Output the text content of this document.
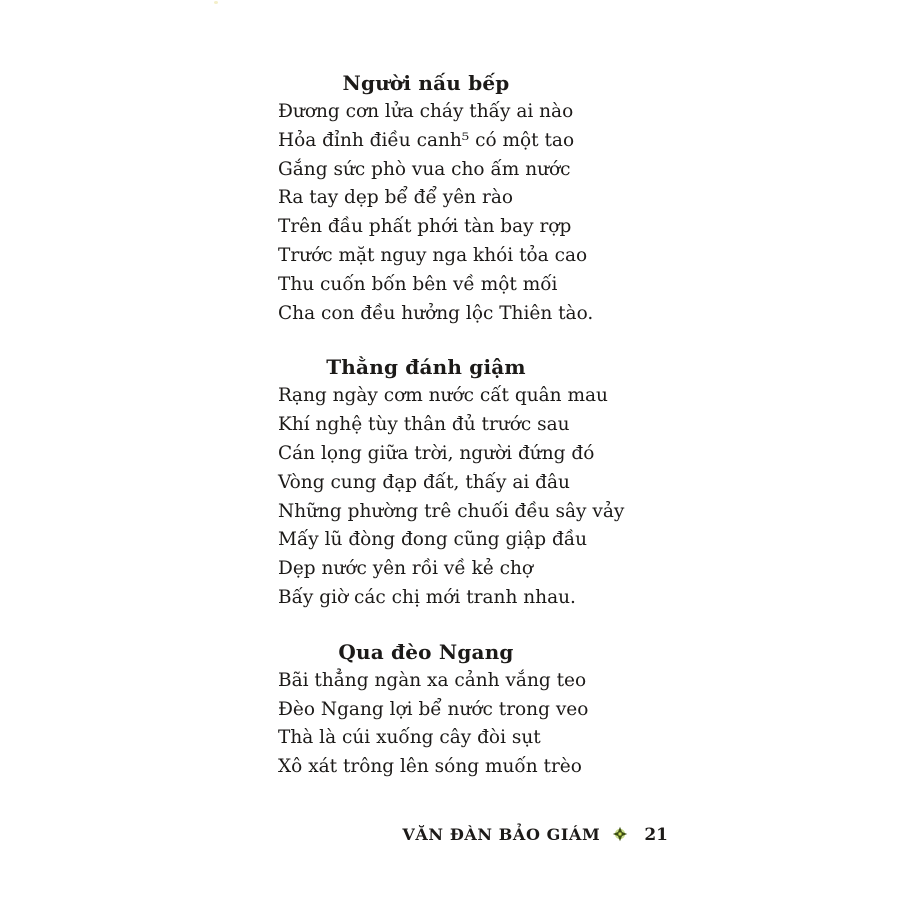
Người nấu bếp

Đương cơn lửa cháy thấy ai nào

Hỏa đỉnh điều canh⁵ có một tao

Gắng sức phò vua cho ấm nước

Ra tay dẹp bể để yên rào

Trên đầu phất phới tàn bay rợp

Trước mặt nguy nga khói tỏa cao

Thu cuốn bốn bên về một mối

Cha con đều hưởng lộc Thiên tào.

Thằng đánh giậm

Rạng ngày cơm nước cất quân mau

Khí nghệ tùy thân đủ trước sau

Cán lọng giữa trời, người đứng đó

Vòng cung đạp đất, thấy ai đâu

Những phường trê chuối đều sây vảy

Mấy lũ đòng đong cũng giập đầu

Dẹp nước yên rồi về kẻ chợ

Bấy giờ các chị mới tranh nhau.

Qua đèo Ngang

Bãi thẳng ngàn xa cảnh vắng teo

Đèo Ngang lợi bể nước trong veo

Thà là cúi xuống cây đòi sụt

Xô xát trông lên sóng muốn trèo

VĂN ĐÀN BẢO GIÁM	21
